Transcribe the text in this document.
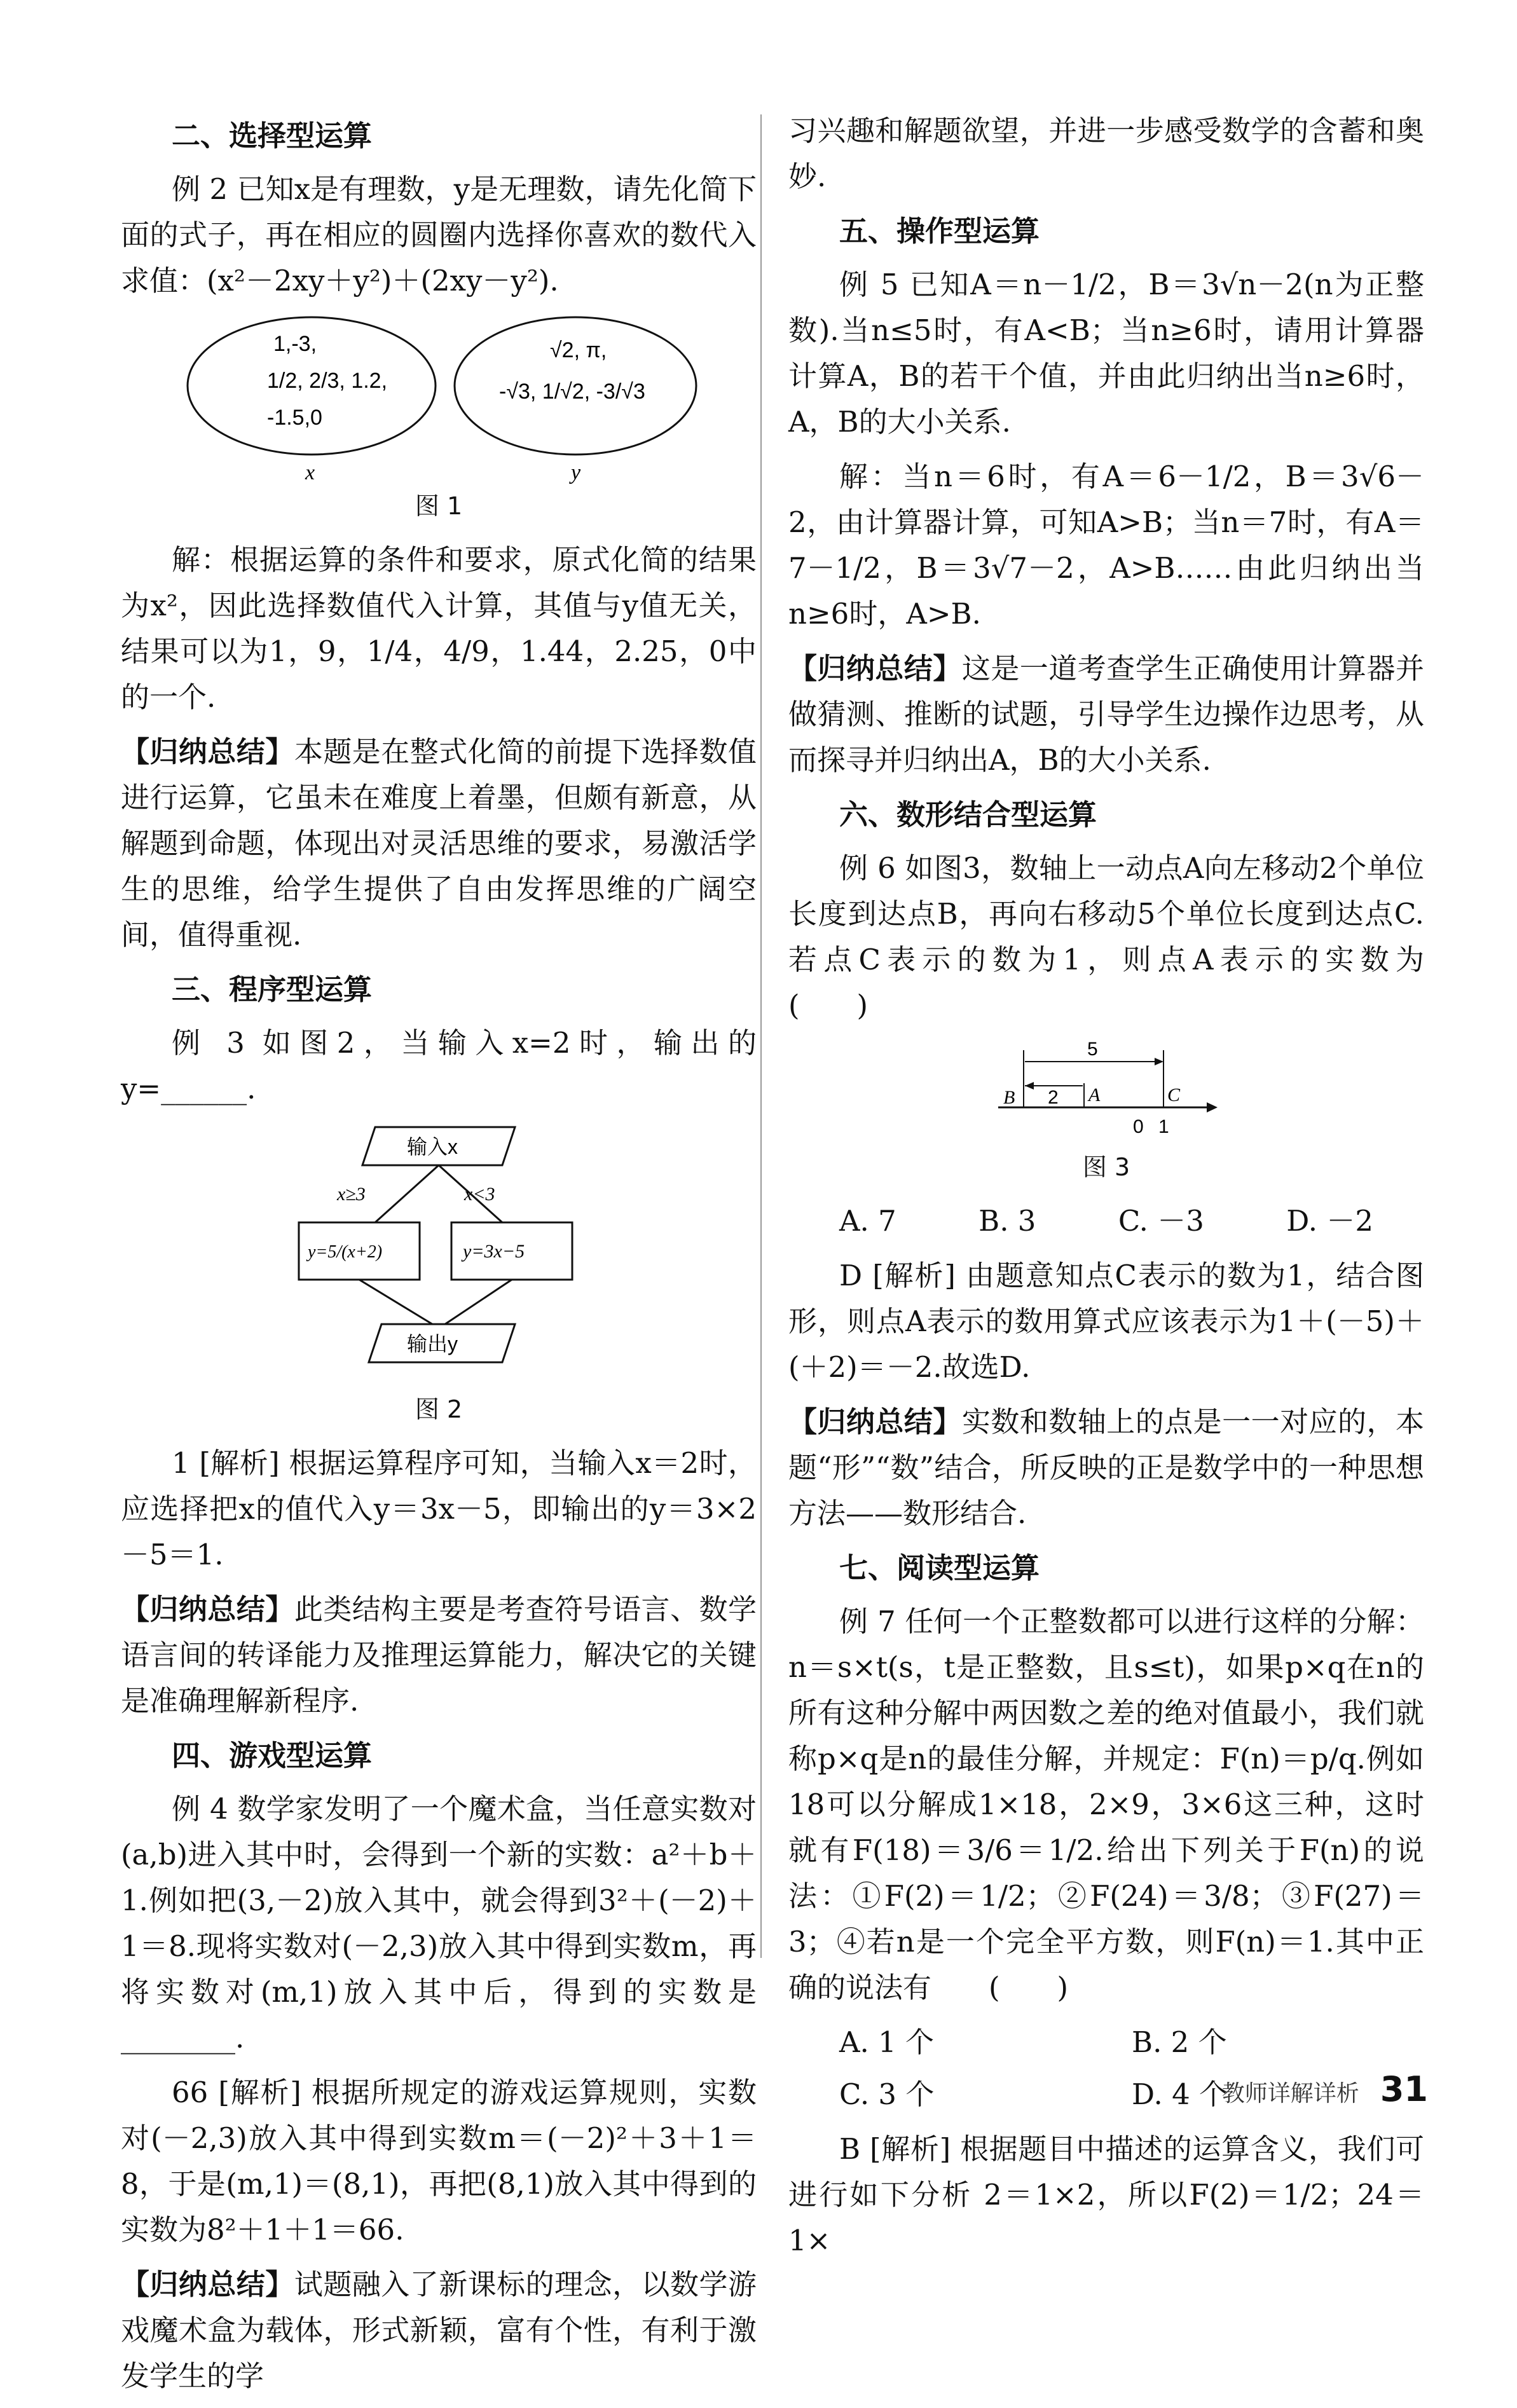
二、选择型运算

例 2 已知x是有理数，y是无理数，请先化简下面的式子，再在相应的圆圈内选择你喜欢的数代入求值：(x²－2xy＋y²)＋(2xy－y²).

1,-3,
1/2, 2/3, 1.2,
-1.5,0
√2, π,
-√3, 1/√2, -3/√3
x	y

图 1

解：根据运算的条件和要求，原式化简的结果为x²，因此选择数值代入计算，其值与y值无关，结果可以为1，9，1/4，4/9，1.44，2.25，0中的一个.

【归纳总结】本题是在整式化简的前提下选择数值进行运算，它虽未在难度上着墨，但颇有新意，从解题到命题，体现出对灵活思维的要求，易激活学生的思维，给学生提供了自由发挥思维的广阔空间，值得重视.

三、程序型运算

例 3 如图2，当输入x=2时，输出的y=______.

输入x
x≥3	x<3
y=5/(x+2)	y=3x−5
输出y

图 2

1 [解析] 根据运算程序可知，当输入x＝2时，应选择把x的值代入y＝3x－5，即输出的y＝3×2－5＝1.

【归纳总结】此类结构主要是考查符号语言、数学语言间的转译能力及推理运算能力，解决它的关键是准确理解新程序.

四、游戏型运算

例 4 数学家发明了一个魔术盒，当任意实数对(a,b)进入其中时，会得到一个新的实数：a²＋b＋1.例如把(3,－2)放入其中，就会得到3²＋(－2)＋1＝8.现将实数对(－2,3)放入其中得到实数m，再将实数对(m,1)放入其中后，得到的实数是________.

66 [解析] 根据所规定的游戏运算规则，实数对(－2,3)放入其中得到实数m＝(－2)²＋3＋1＝8，于是(m,1)＝(8,1)，再把(8,1)放入其中得到的实数为8²＋1＋1＝66.

【归纳总结】试题融入了新课标的理念，以数学游戏魔术盒为载体，形式新颖，富有个性，有利于激发学生的学

习兴趣和解题欲望，并进一步感受数学的含蓄和奥妙.

五、操作型运算

例 5 已知A＝n－1/2，B＝3√n－2(n为正整数).当n≤5时，有A<B；当n≥6时，请用计算器计算A，B的若干个值，并由此归纳出当n≥6时，A，B的大小关系.

解：当n＝6时，有A＝6－1/2，B＝3√6－2，由计算器计算，可知A>B；当n＝7时，有A＝7－1/2，B＝3√7－2，A>B……由此归纳出当n≥6时，A>B.

【归纳总结】这是一道考查学生正确使用计算器并做猜测、推断的试题，引导学生边操作边思考，从而探寻并归纳出A，B的大小关系.

六、数形结合型运算

例 6 如图3，数轴上一动点A向左移动2个单位长度到达点B，再向右移动5个单位长度到达点C.若点C表示的数为1，则点A表示的实数为　　(　　)

5
2
B	A	C
0 1

图 3

A. 7	B. 3	C. －3	D. －2

D [解析] 由题意知点C表示的数为1，结合图形，则点A表示的数用算式应该表示为1＋(－5)＋(＋2)＝－2.故选D.

【归纳总结】实数和数轴上的点是一一对应的，本题“形”“数”结合，所反映的正是数学中的一种思想方法——数形结合.

七、阅读型运算

例 7 任何一个正整数都可以进行这样的分解：n＝s×t(s，t是正整数，且s≤t)，如果p×q在n的所有这种分解中两因数之差的绝对值最小，我们就称p×q是n的最佳分解，并规定：F(n)＝p/q.例如18可以分解成1×18，2×9，3×6这三种，这时就有F(18)＝3/6＝1/2.给出下列关于F(n)的说法：①F(2)＝1/2；②F(24)＝3/8；③F(27)＝3；④若n是一个完全平方数，则F(n)＝1.其中正确的说法有　　(　　)

A. 1 个	B. 2 个
C. 3 个	D. 4 个

B [解析] 根据题目中描述的运算含义，我们可进行如下分析 2＝1×2，所以F(2)＝1/2；24＝1×

教师详解详析 31
